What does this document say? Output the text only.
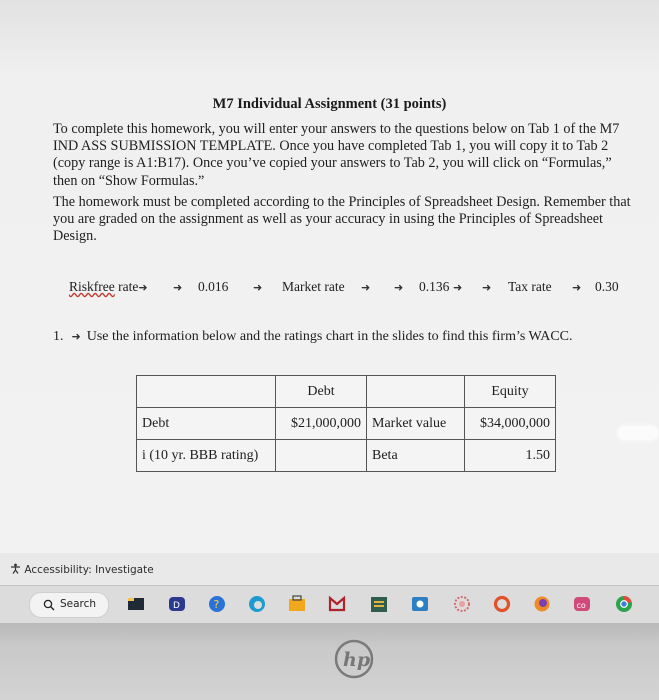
M7 Individual Assignment (31 points)
To complete this homework, you will enter your answers to the questions below on Tab 1 of the M7 IND ASS SUBMISSION TEMPLATE. Once you have completed Tab 1, you will copy it to Tab 2 (copy range is A1:B17). Once you’ve copied your answers to Tab 2, you will click on “Formulas,” then on “Show Formulas.”
The homework must be completed according to the Principles of Spreadsheet Design. Remember that you are graded on the assignment as well as your accuracy in using the Principles of Spreadsheet Design.
Riskfree rate➜ ➜ 0.016 ➜ Market rate ➜ ➜ 0.136 ➜ ➜ Tax rate ➜ 0.30
1. ➜ Use the information below and the ratings chart in the slides to find this firm’s WACC.
	Debt		Equity
Debt	$21,000,000	Market value	$34,000,000
i (10 yr. BBB rating)		Beta	1.50
Accessibility: Investigate
Search	D	?	co
hp
